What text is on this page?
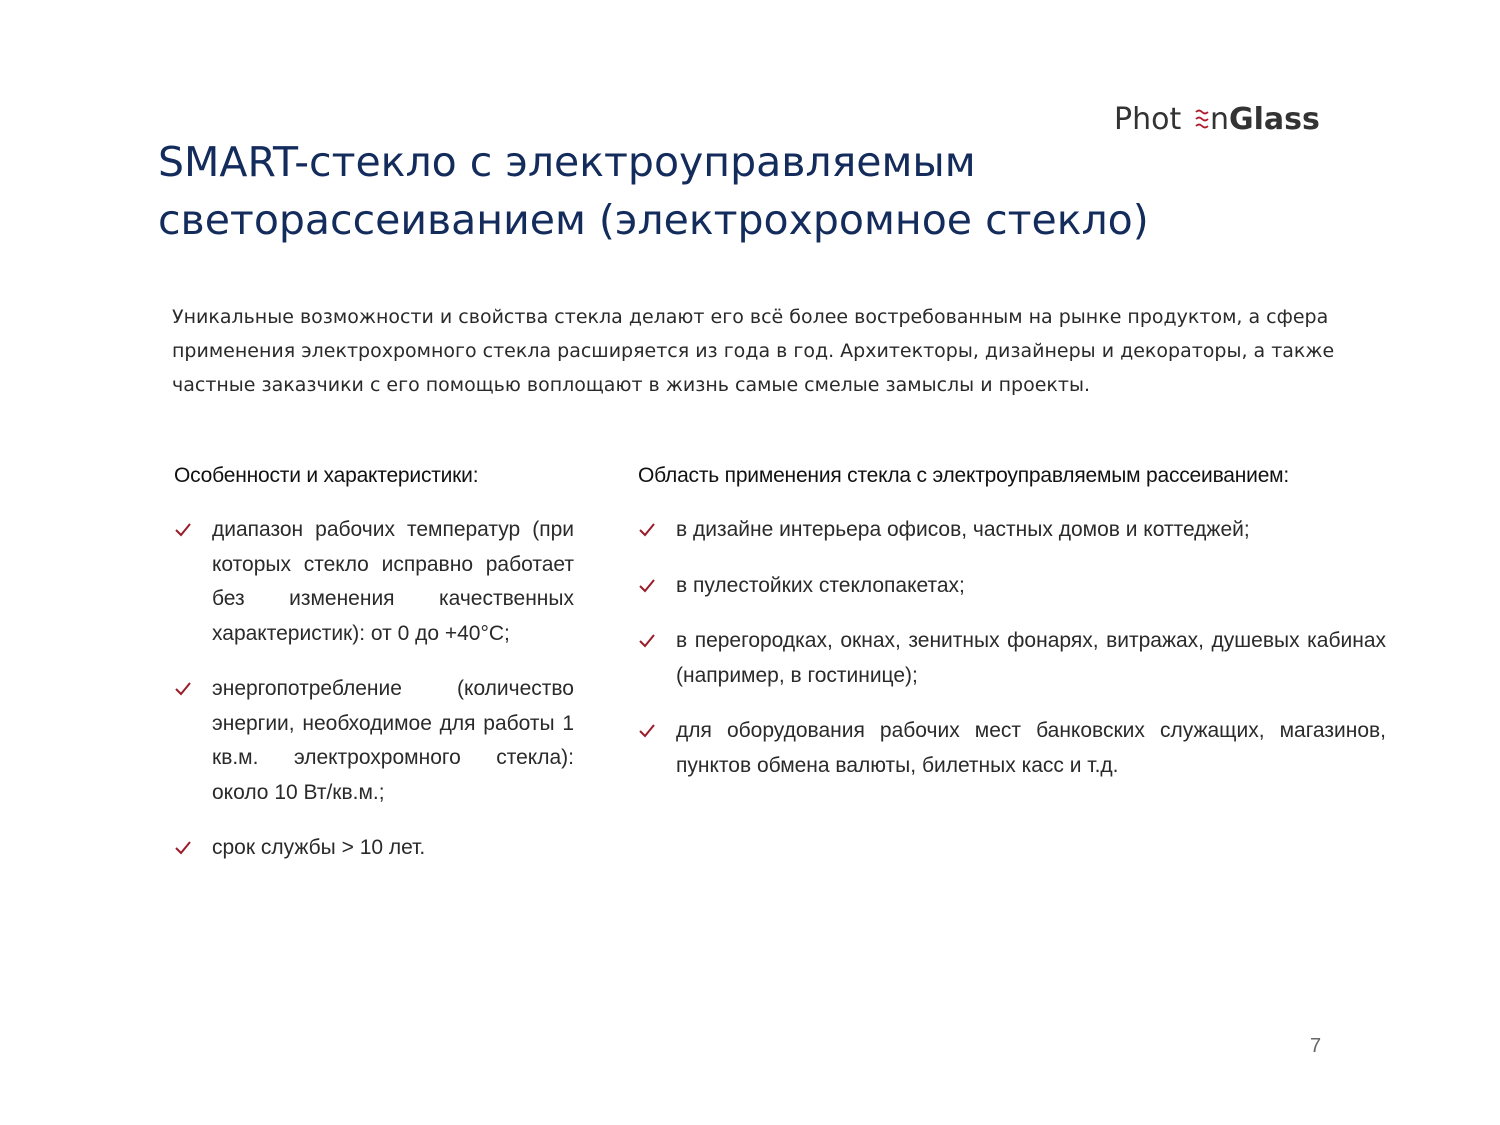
Phot nGlass
SMART-стекло с электроуправляемым
светорассеиванием (электрохромное стекло)
Уникальные возможности и свойства стекла делают его всё более востребованным на рынке продуктом, а сфера
применения электрохромного стекла расширяется из года в год. Архитекторы, дизайнеры и декораторы, а также
частные заказчики с его помощью воплощают в жизнь самые смелые замыслы и проекты.
Особенности и характеристики:	Область применения стекла с электроуправляемым рассеиванием:
диапазон рабочих температур (при которых стекло исправно работает без изменения качественных характеристик): от 0 до +40°С;
энергопотребление (количество энергии, необходимое для работы 1 кв.м. электрохромного стекла): около 10 Вт/кв.м.;
срок службы > 10 лет.
в дизайне интерьера офисов, частных домов и коттеджей;
в пулестойких стеклопакетах;
в перегородках, окнах, зенитных фонарях, витражах, душевых кабинах (например, в гостинице);
для оборудования рабочих мест банковских служащих, магазинов, пунктов обмена валюты, билетных касс и т.д.
7
